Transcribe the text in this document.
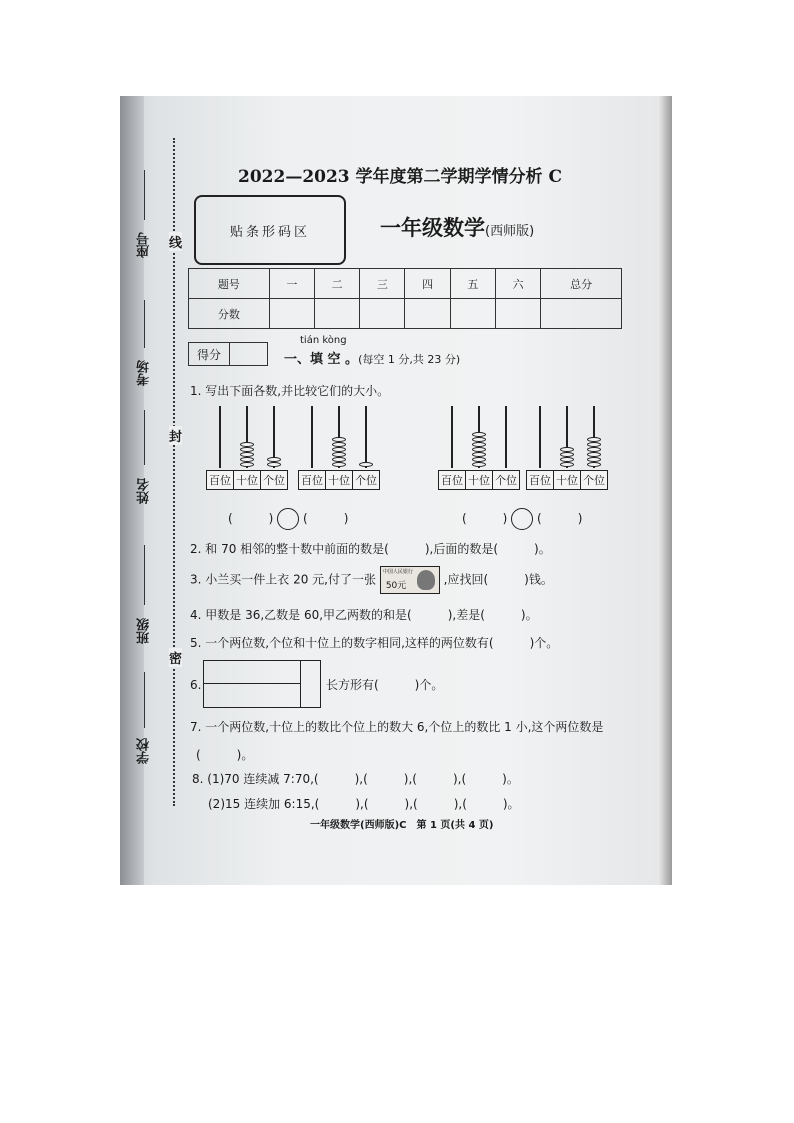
座号
考场
姓名
班级
学校
线
封
密
2022—2023 学年度第二学期学情分析 C
贴条形码区	一年级数学(西师版)
题号	一	二	三	四	五	六	总分
分数							
得分
tián kòng
一、填 空 。(每空 1 分,共 23 分)
1. 写出下面各数,并比较它们的大小。
百位 十位 个位 百位 十位 个位	百位 十位 个位 百位 十位 个位
(　　　) (　　　)	(　　　) (　　　)
2. 和 70 相邻的整十数中前面的数是(　　　),后面的数是(　　　)。
3. 小兰买一件上衣 20 元,付了一张
中国人民银行
50元	,应找回(　　　)钱。
4. 甲数是 36,乙数是 60,甲乙两数的和是(　　　),差是(　　　)。
5. 一个两位数,个位和十位上的数字相同,这样的两位数有(　　　)个。
6.	长方形有(　　　)个。
7. 一个两位数,十位上的数比个位上的数大 6,个位上的数比 1 小,这个两位数是
(　　　)。
8. (1)70 连续减 7:70,(　　　),(　　　),(　　　),(　　　)。
(2)15 连续加 6:15,(　　　),(　　　),(　　　),(　　　)。
一年级数学(西师版)C　第 1 页(共 4 页)
